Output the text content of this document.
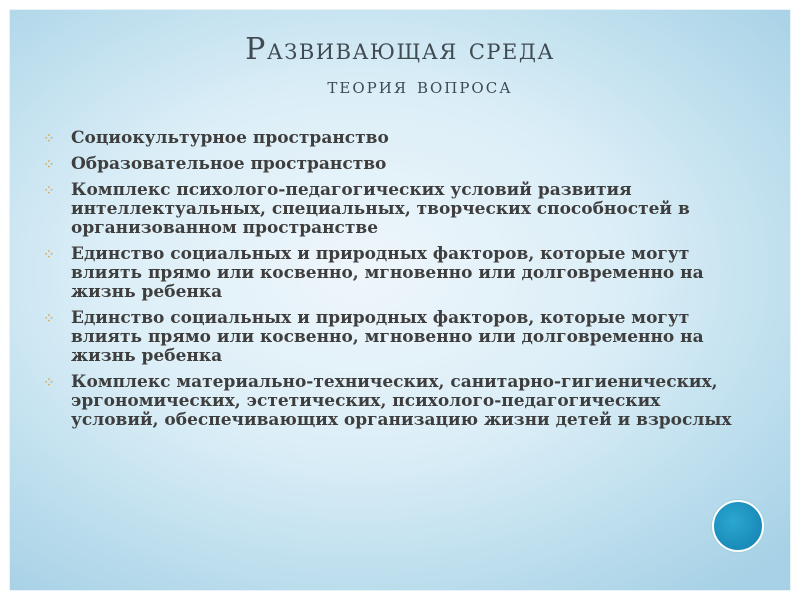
Развивающая среда
теория вопроса
⁘ Социокультурное пространство
⁘ Образовательное пространство
⁘ Комплекс психолого-педагогических условий развития интеллектуальных, специальных, творческих способностей в организованном пространстве
⁘ Единство социальных и природных факторов, которые могут влиять прямо или косвенно, мгновенно или долговременно на жизнь ребенка
⁘ Единство социальных и природных факторов, которые могут влиять прямо или косвенно, мгновенно или долговременно на жизнь ребенка
⁘ Комплекс материально-технических, санитарно-гигиенических, эргономических, эстетических, психолого-педагогических условий, обеспечивающих организацию жизни детей и взрослых
